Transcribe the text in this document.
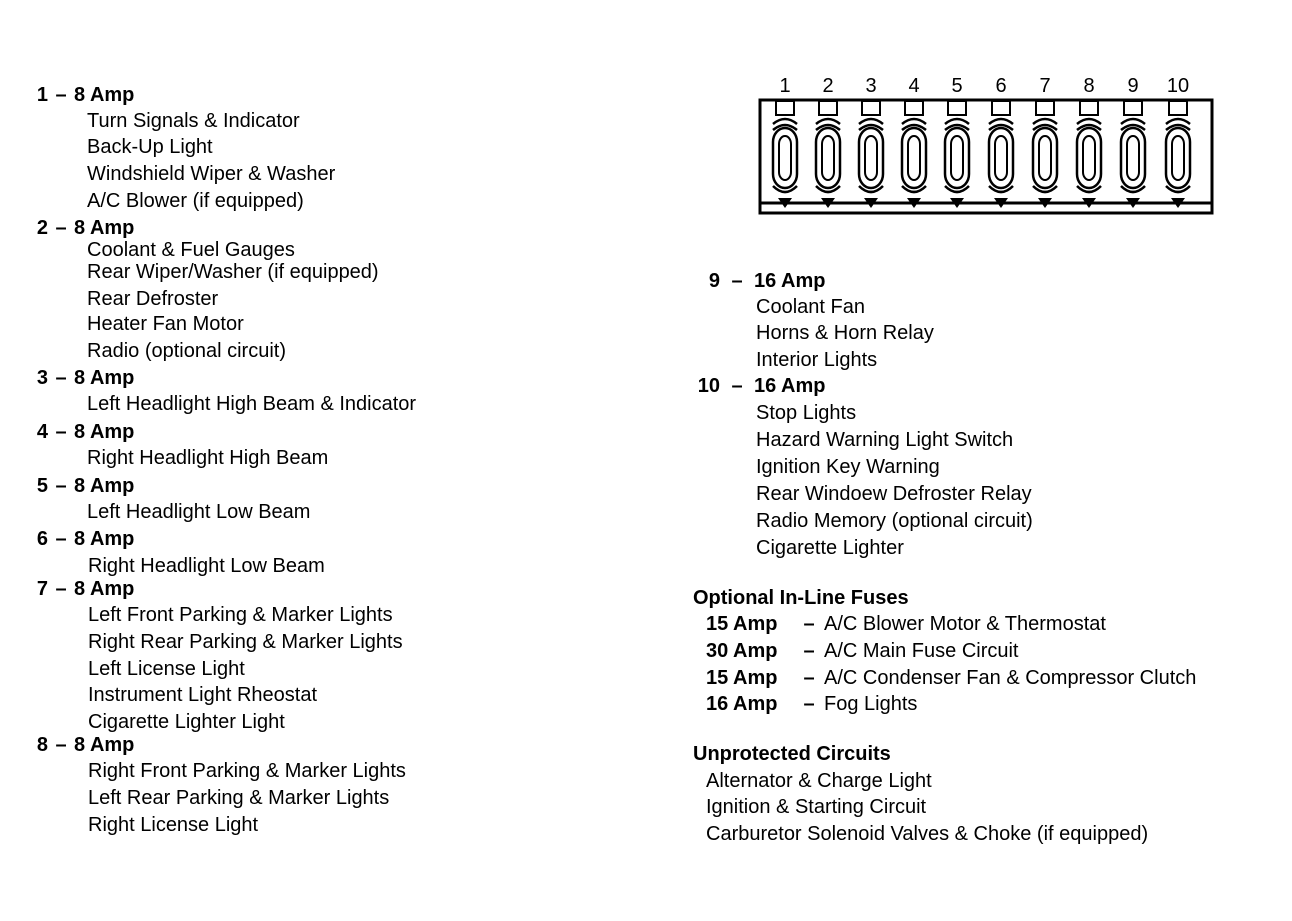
1 – 8 Amp
Turn Signals & Indicator
Back-Up Light
Windshield Wiper & Washer
A/C Blower (if equipped)
2 – 8 Amp
Coolant & Fuel Gauges
Rear Wiper/Washer (if equipped)
Rear Defroster
Heater Fan Motor
Radio (optional circuit)
3 – 8 Amp
Left Headlight High Beam & Indicator
4 – 8 Amp
Right Headlight High Beam
5 – 8 Amp
Left Headlight Low Beam
6 – 8 Amp
Right Headlight Low Beam
7 – 8 Amp
Left Front Parking & Marker Lights
Right Rear Parking & Marker Lights
Left License Light
Instrument Light Rheostat
Cigarette Lighter Light
8 – 8 Amp
Right Front Parking & Marker Lights
Left Rear Parking & Marker Lights
Right License Light
9 – 16 Amp
Coolant Fan
Horns & Horn Relay
Interior Lights
10 – 16 Amp
Stop Lights
Hazard Warning Light Switch
Ignition Key Warning
Rear Windoew Defroster Relay
Radio Memory (optional circuit)
Cigarette Lighter
Optional In-Line Fuses
15 Amp – A/C Blower Motor & Thermostat
30 Amp – A/C Main Fuse Circuit
15 Amp – A/C Condenser Fan & Compressor Clutch
16 Amp – Fog Lights
Unprotected Circuits
Alternator & Charge Light
Ignition & Starting Circuit
Carburetor Solenoid Valves & Choke (if equipped)
1 2 3 4 5 6 7 8 9 10
